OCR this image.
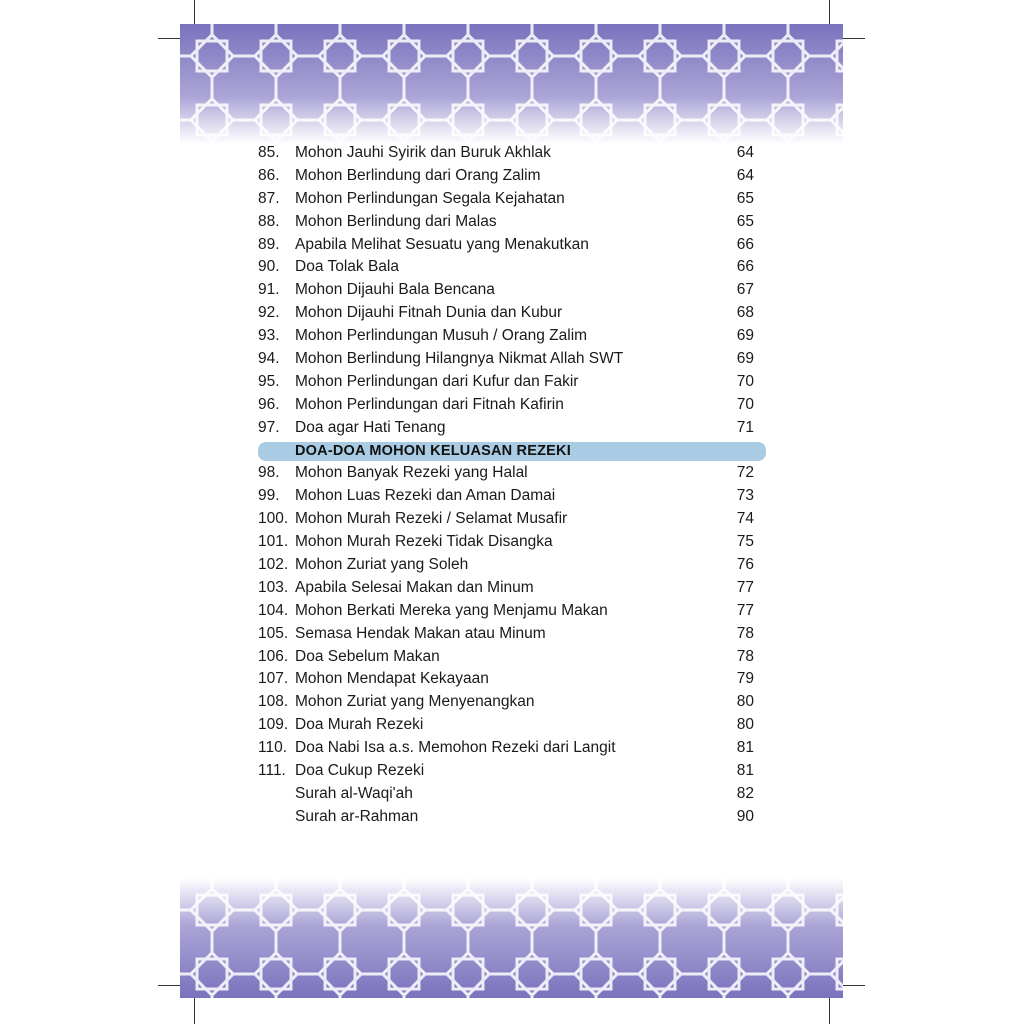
85. Mohon Jauhi Syirik dan Buruk Akhlak	64
86. Mohon Berlindung dari Orang Zalim	64
87. Mohon Perlindungan Segala Kejahatan	65
88. Mohon Berlindung dari Malas	65
89. Apabila Melihat Sesuatu yang Menakutkan	66
90. Doa Tolak Bala	66
91. Mohon Dijauhi Bala Bencana	67
92. Mohon Dijauhi Fitnah Dunia dan Kubur	68
93. Mohon Perlindungan Musuh / Orang Zalim	69
94. Mohon Berlindung Hilangnya Nikmat Allah SWT	69
95. Mohon Perlindungan dari Kufur dan Fakir	70
96. Mohon Perlindungan dari Fitnah Kafirin	70
97. Doa agar Hati Tenang	71
DOA-DOA MOHON KELUASAN REZEKI
98. Mohon Banyak Rezeki yang Halal	72
99. Mohon Luas Rezeki dan Aman Damai	73
100. Mohon Murah Rezeki / Selamat Musafir	74
101. Mohon Murah Rezeki Tidak Disangka	75
102. Mohon Zuriat yang Soleh	76
103. Apabila Selesai Makan dan Minum	77
104. Mohon Berkati Mereka yang Menjamu Makan	77
105. Semasa Hendak Makan atau Minum	78
106. Doa Sebelum Makan	78
107. Mohon Mendapat Kekayaan	79
108. Mohon Zuriat yang Menyenangkan	80
109. Doa Murah Rezeki	80
110. Doa Nabi Isa a.s. Memohon Rezeki dari Langit	81
111. Doa Cukup Rezeki	81
Surah al-Waqi'ah	82
Surah ar-Rahman	90
